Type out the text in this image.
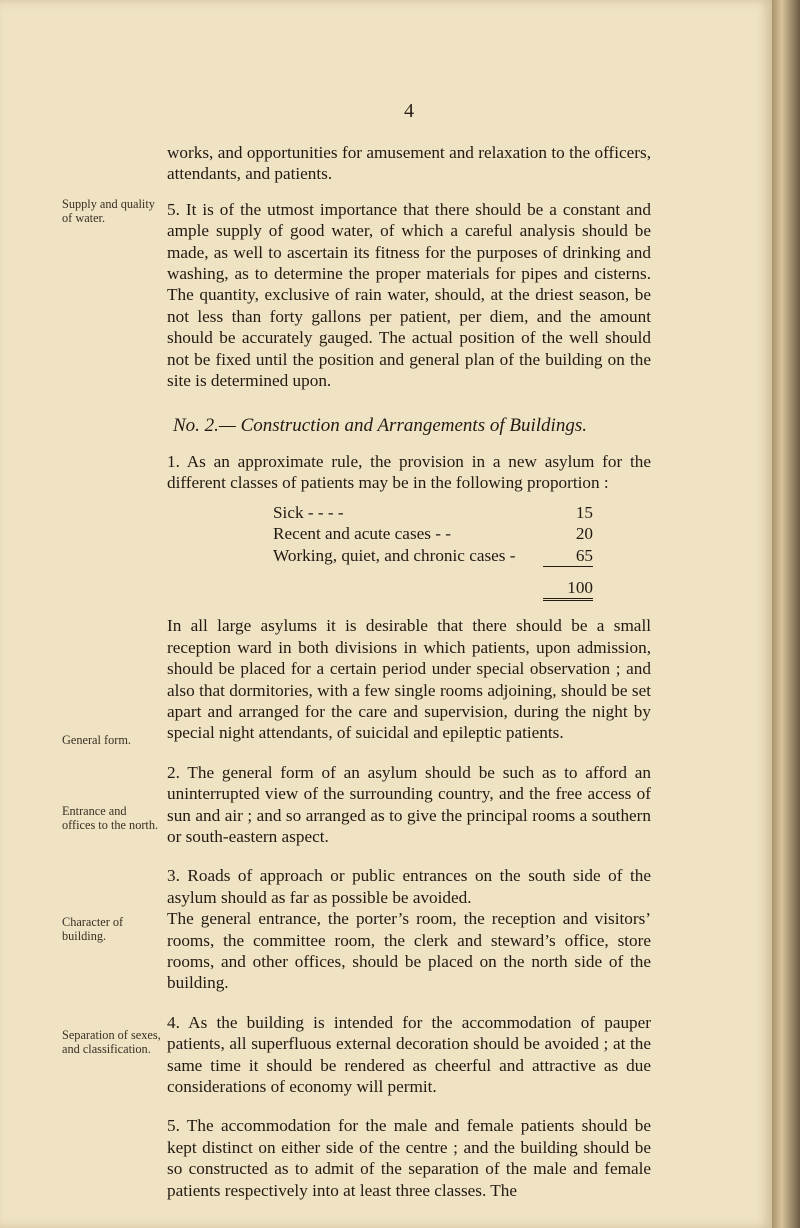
4
Supply and quality of water.
General form.
Entrance and offices to the north.
Character of building.
Separation of sexes, and classification.

works, and opportunities for amusement and relaxation to the officers, attendants, and patients.

5. It is of the utmost importance that there should be a constant and ample supply of good water, of which a careful analysis should be made, as well to ascertain its fitness for the purposes of drinking and washing, as to determine the proper materials for pipes and cisterns. The quantity, exclusive of rain water, should, at the driest season, be not less than forty gallons per patient, per diem, and the amount should be accurately gauged. The actual position of the well should not be fixed until the position and general plan of the building on the site is determined upon.

No. 2.— Construction and Arrangements of Buildings.

1. As an approximate rule, the provision in a new asylum for the different classes of patients may be in the following proportion :

Sick - - - -	15
Recent and acute cases - -	20
Working, quiet, and chronic cases -	65

	100

In all large asylums it is desirable that there should be a small reception ward in both divisions in which patients, upon admission, should be placed for a certain period under special observation ; and also that dormitories, with a few single rooms adjoining, should be set apart and arranged for the care and supervision, during the night by special night attendants, of suicidal and epileptic patients.

2. The general form of an asylum should be such as to afford an uninterrupted view of the surrounding country, and the free access of sun and air ; and so arranged as to give the principal rooms a southern or south-eastern aspect.

3. Roads of approach or public entrances on the south side of the asylum should as far as possible be avoided.

The general entrance, the porter’s room, the reception and visitors’ rooms, the committee room, the clerk and steward’s office, store rooms, and other offices, should be placed on the north side of the building.

4. As the building is intended for the accommodation of pauper patients, all superfluous external decoration should be avoided ; at the same time it should be rendered as cheerful and attractive as due considerations of economy will permit.

5. The accommodation for the male and female patients should be kept distinct on either side of the centre ; and the building should be so constructed as to admit of the separation of the male and female patients respectively into at least three classes. The
